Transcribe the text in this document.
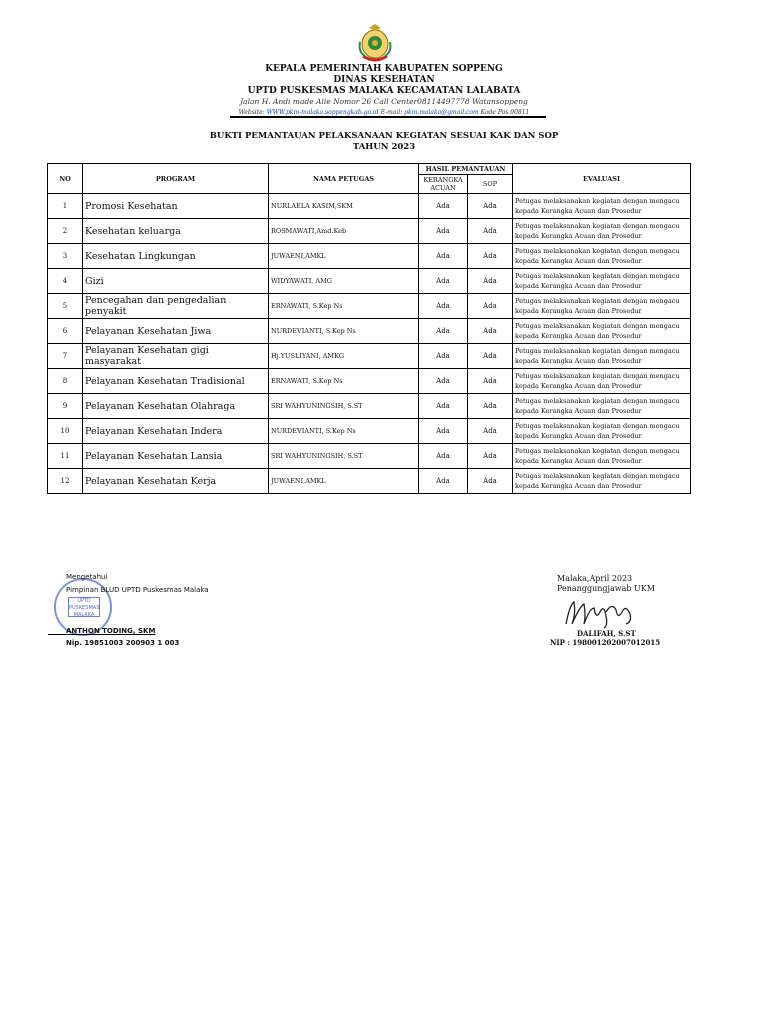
KEPALA PEMERINTAH KABUPATEN SOPPENG
DINAS KESEHATAN
UPTD PUSKESMAS MALAKA KECAMATAN LALABATA
Jalan H. Andi made Alie Nomor 26 Call Center08114497778 Watansoppeng
Website: WWW.pkm-malaka.soppengkab.go.id E-mail: pkm.malaka@gmail.com Kode Pos 90811
BUKTI PEMANTAUAN PELAKSANAAN KEGIATAN SESUAI KAK DAN SOP
TAHUN 2023
NO	PROGRAM	NAMA PETUGAS	HASIL PEMANTAUAN		EVALUASI
			KERANGKA ACUAN	SOP	
1	Promosi Kesehatan	NURLAELA KASIM,SKM	Ada	Ada	Petugas melaksanakan kegiatan dengan mengacu kepada Kerangka Acuan dan Prosedur
2	Kesehatan keluarga	ROSMAWATI,Amd.Keb	Ada	Ada	Petugas melaksanakan kegiatan dengan mengacu kepada Kerangka Acuan dan Prosedur
3	Kesehatan Lingkungan	JUWAENI,AMKL	Ada	Ada	Petugas melaksanakan kegiatan dengan mengacu kepada Kerangka Acuan dan Prosedur
4	Gizi	WIDYAWATI, AMG	Ada	Ada	Petugas melaksanakan kegiatan dengan mengacu kepada Kerangka Acuan dan Prosedur
5	Pencegahan dan pengedalian penyakit	ERNAWATI, S.Kep Ns	Ada	Ada	Petugas melaksanakan kegiatan dengan mengacu kepada Kerangka Acuan dan Prosedur
6	Pelayanan Kesehatan Jiwa	NURDEVIANTI, S.Kep Ns	Ada	Ada	Petugas melaksanakan kegiatan dengan mengacu kepada Kerangka Acuan dan Prosedur
7	Pelayanan Kesehatan gigi masyarakat	Hj.YUSLIYANI, AMKG	Ada	Ada	Petugas melaksanakan kegiatan dengan mengacu kepada Kerangka Acuan dan Prosedur
8	Pelayanan Kesehatan Tradisional	ERNAWATI, S.Kep Ns	Ada	Ada	Petugas melaksanakan kegiatan dengan mengacu kepada Kerangka Acuan dan Prosedur
9	Pelayanan Kesehatan Olahraga	SRI WAHYUNINGSIH, S.ST	Ada	Ada	Petugas melaksanakan kegiatan dengan mengacu kepada Kerangka Acuan dan Prosedur
10	Pelayanan Kesehatan Indera	NURDEVIANTI, S.Kep Ns	Ada	Ada	Petugas melaksanakan kegiatan dengan mengacu kepada Kerangka Acuan dan Prosedur
11	Pelayanan Kesehatan Lansia	SRI WAHYUNINGSIH, S.ST	Ada	Ada	Petugas melaksanakan kegiatan dengan mengacu kepada Kerangka Acuan dan Prosedur
12	Pelayanan Kesehatan Kerja	JUWAENI,AMKL	Ada	Ada	Petugas melaksanakan kegiatan dengan mengacu kepada Kerangka Acuan dan Prosedur
UPTD PUSKESMAS MALAKA
Mengetahui
Pimpinan BLUD UPTD Puskesmas Malaka
ANTHON TODING, SKM
Nip. 19851003 200903 1 003
Malaka,April 2023
Penanggungjawab UKM
DALIFAH, S.ST
NIP : 198001202007012015
